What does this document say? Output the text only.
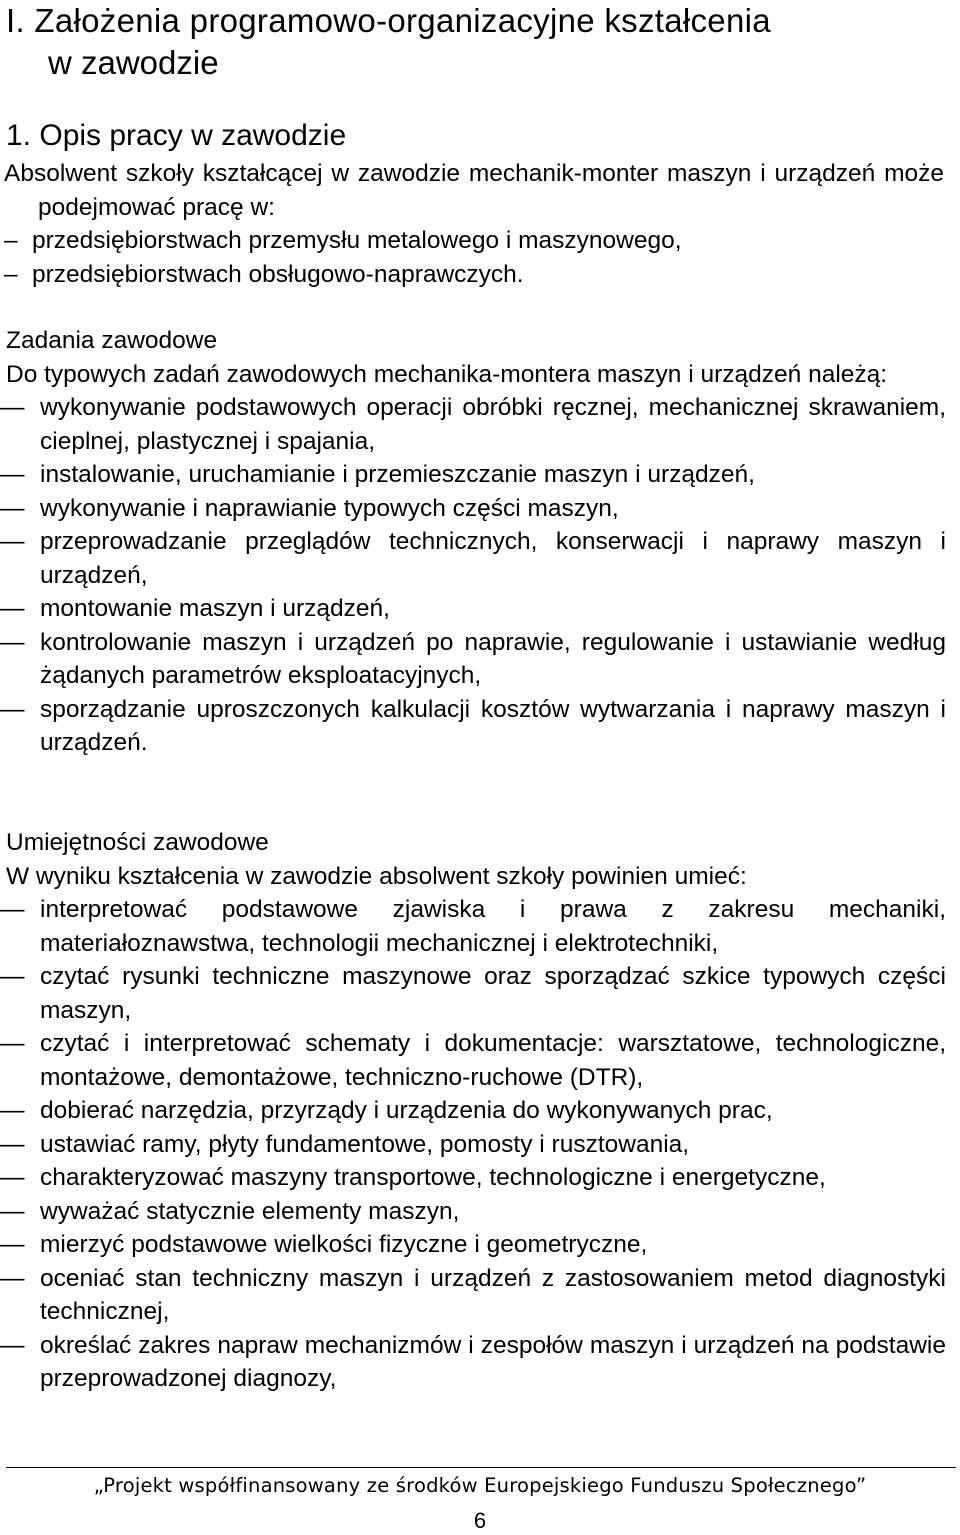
I. Założenia programowo-organizacyjne kształcenia
w zawodzie
1. Opis pracy w zawodzie

Absolwent szkoły kształcącej w zawodzie mechanik-monter maszyn i urządzeń może podejmować pracę w:

– przedsiębiorstwach przemysłu metalowego i maszynowego,
– przedsiębiorstwach obsługowo-naprawczych.
Zadania zawodowe

Do typowych zadań zawodowych mechanika-montera maszyn i urządzeń należą:

— wykonywanie podstawowych operacji obróbki ręcznej, mechanicznej skrawaniem, cieplnej, plastycznej i spajania,
— instalowanie, uruchamianie i przemieszczanie maszyn i urządzeń,
— wykonywanie i naprawianie typowych części maszyn,
— przeprowadzanie przeglądów technicznych, konserwacji i naprawy maszyn i urządzeń,
— montowanie maszyn i urządzeń,
— kontrolowanie maszyn i urządzeń po naprawie, regulowanie i ustawianie według żądanych parametrów eksploatacyjnych,
— sporządzanie uproszczonych kalkulacji kosztów wytwarzania i naprawy maszyn i urządzeń.
Umiejętności zawodowe

W wyniku kształcenia w zawodzie absolwent szkoły powinien umieć:

— interpretować podstawowe zjawiska i prawa z zakresu mechaniki, materiałoznawstwa, technologii mechanicznej i elektrotechniki,
— czytać rysunki techniczne maszynowe oraz sporządzać szkice typowych części maszyn,
— czytać i interpretować schematy i dokumentacje: warsztatowe, technologiczne, montażowe, demontażowe, techniczno-ruchowe (DTR),
— dobierać narzędzia, przyrządy i urządzenia do wykonywanych prac,
— ustawiać ramy, płyty fundamentowe, pomosty i rusztowania,
— charakteryzować maszyny transportowe, technologiczne i energetyczne,
— wyważać statycznie elementy maszyn,
— mierzyć podstawowe wielkości fizyczne i geometryczne,
— oceniać stan techniczny maszyn i urządzeń z zastosowaniem metod diagnostyki technicznej,
— określać zakres napraw mechanizmów i zespołów maszyn i urządzeń na podstawie przeprowadzonej diagnozy,
„Projekt współfinansowany ze środków Europejskiego Funduszu Społecznego”
6
